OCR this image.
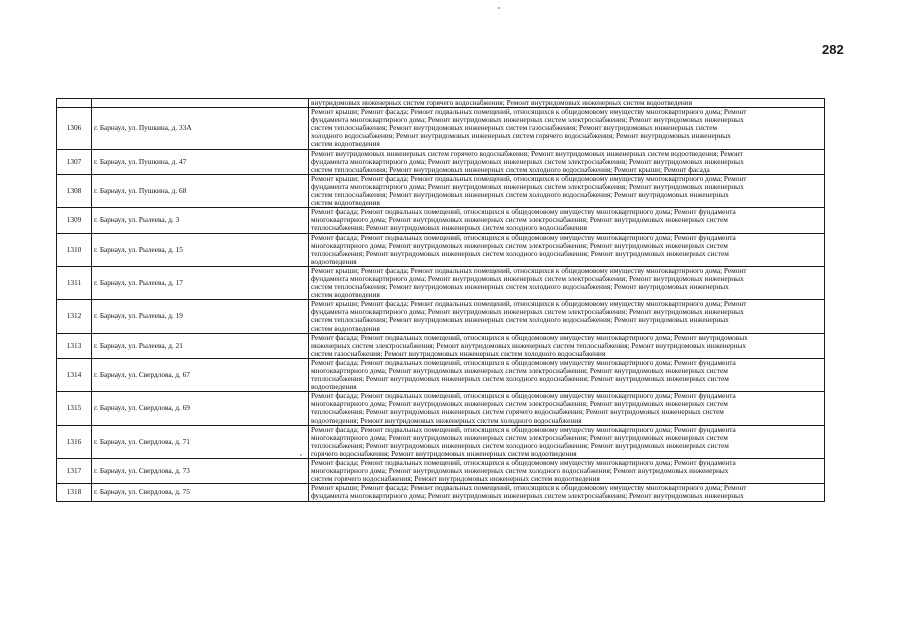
282

		внутридомовых инженерных систем горячего водоснабжения; Ремонт внутридомовых инженерных систем водоотведения

1306	г. Барнаул, ул. Пушкина, д. 33А	Ремонт крыши; Ремонт фасада; Ремонт подвальных помещений, относящихся к общедомовому имуществу многоквартирного дома; Ремонт
фундамента многоквартирного дома; Ремонт внутридомовых инженерных систем электроснабжения; Ремонт внутридомовых инженерных
систем теплоснабжения; Ремонт внутридомовых инженерных систем газоснабжения; Ремонт внутридомовых инженерных систем
холодного водоснабжения; Ремонт внутридомовых инженерных систем горячего водоснабжения; Ремонт внутридомовых инженерных
систем водоотведения

1307	г. Барнаул, ул. Пушкина, д. 47	Ремонт внутридомовых инженерных систем горячего водоснабжения; Ремонт внутридомовых инженерных систем водоотведения; Ремонт
фундамента многоквартирного дома; Ремонт внутридомовых инженерных систем электроснабжения; Ремонт внутридомовых инженерных
систем теплоснабжения; Ремонт внутридомовых инженерных систем холодного водоснабжения; Ремонт крыши; Ремонт фасада

1308	г. Барнаул, ул. Пушкина, д. 68	Ремонт крыши; Ремонт фасада; Ремонт подвальных помещений, относящихся к общедомовому имуществу многоквартирного дома; Ремонт
фундамента многоквартирного дома; Ремонт внутридомовых инженерных систем электроснабжения; Ремонт внутридомовых инженерных
систем теплоснабжения; Ремонт внутридомовых инженерных систем холодного водоснабжения; Ремонт внутридомовых инженерных
систем водоотведения

1309	г. Барнаул, ул. Рылеева, д. 3	Ремонт фасада; Ремонт подвальных помещений, относящихся к общедомовому имуществу многоквартирного дома; Ремонт фундамента
многоквартирного дома; Ремонт внутридомовых инженерных систем электроснабжения; Ремонт внутридомовых инженерных систем
теплоснабжения; Ремонт внутридомовых инженерных систем холодного водоснабжения

1310	г. Барнаул, ул. Рылеева, д. 15	Ремонт фасада; Ремонт подвальных помещений, относящихся к общедомовому имуществу многоквартирного дома; Ремонт фундамента
многоквартирного дома; Ремонт внутридомовых инженерных систем электроснабжения; Ремонт внутридомовых инженерных систем
теплоснабжения; Ремонт внутридомовых инженерных систем холодного водоснабжения; Ремонт внутридомовых инженерных систем
водоотведения

1311	г. Барнаул, ул. Рылеева, д. 17	Ремонт крыши; Ремонт фасада; Ремонт подвальных помещений, относящихся к общедомовому имуществу многоквартирного дома; Ремонт
фундамента многоквартирного дома; Ремонт внутридомовых инженерных систем электроснабжения; Ремонт внутридомовых инженерных
систем теплоснабжения; Ремонт внутридомовых инженерных систем холодного водоснабжения; Ремонт внутридомовых инженерных
систем водоотведения

1312	г. Барнаул, ул. Рылеева, д. 19	Ремонт крыши; Ремонт фасада; Ремонт подвальных помещений, относящихся к общедомовому имуществу многоквартирного дома; Ремонт
фундамента многоквартирного дома; Ремонт внутридомовых инженерных систем электроснабжения; Ремонт внутридомовых инженерных
систем теплоснабжения; Ремонт внутридомовых инженерных систем холодного водоснабжения; Ремонт внутридомовых инженерных
систем водоотведения

1313	г. Барнаул, ул. Рылеева, д. 21	Ремонт фасада; Ремонт подвальных помещений, относящихся к общедомовому имуществу многоквартирного дома; Ремонт внутридомовых
инженерных систем электроснабжения; Ремонт внутридомовых инженерных систем теплоснабжения; Ремонт внутридомовых инженерных
систем газоснабжения; Ремонт внутридомовых инженерных систем холодного водоснабжения

1314	г. Барнаул, ул. Свердлова, д. 67	Ремонт фасада; Ремонт подвальных помещений, относящихся к общедомовому имуществу многоквартирного дома; Ремонт фундамента
многоквартирного дома; Ремонт внутридомовых инженерных систем электроснабжения; Ремонт внутридомовых инженерных систем
теплоснабжения; Ремонт внутридомовых инженерных систем холодного водоснабжения; Ремонт внутридомовых инженерных систем
водоотведения

1315	г. Барнаул, ул. Свердлова, д. 69	Ремонт фасада; Ремонт подвальных помещений, относящихся к общедомовому имуществу многоквартирного дома; Ремонт фундамента
многоквартирного дома; Ремонт внутридомовых инженерных систем электроснабжения; Ремонт внутридомовых инженерных систем
теплоснабжения; Ремонт внутридомовых инженерных систем горячего водоснабжения; Ремонт внутридомовых инженерных систем
водоотведения; Ремонт внутридомовых инженерных систем холодного водоснабжения

1316	г. Барнаул, ул. Свердлова, д. 71	Ремонт фасада; Ремонт подвальных помещений, относящихся к общедомовому имуществу многоквартирного дома; Ремонт фундамента
многоквартирного дома; Ремонт внутридомовых инженерных систем электроснабжения; Ремонт внутридомовых инженерных систем
теплоснабжения; Ремонт внутридомовых инженерных систем холодного водоснабжения; Ремонт внутридомовых инженерных систем
горячего водоснабжения; Ремонт внутридомовых инженерных систем водоотведения

1317	г. Барнаул, ул. Свердлова, д. 73	Ремонт фасада; Ремонт подвальных помещений, относящихся к общедомовому имуществу многоквартирного дома; Ремонт фундамента
многоквартирного дома; Ремонт внутридомовых инженерных систем холодного водоснабжения; Ремонт внутридомовых инженерных
систем горячего водоснабжения; Ремонт внутридомовых инженерных систем водоотведения

1318	г. Барнаул, ул. Свердлова, д. 75	Ремонт крыши; Ремонт фасада; Ремонт подвальных помещений, относящихся к общедомовому имуществу многоквартирного дома; Ремонт
фундамента многоквартирного дома; Ремонт внутридомовых инженерных систем электроснабжения; Ремонт внутридомовых инженерных
